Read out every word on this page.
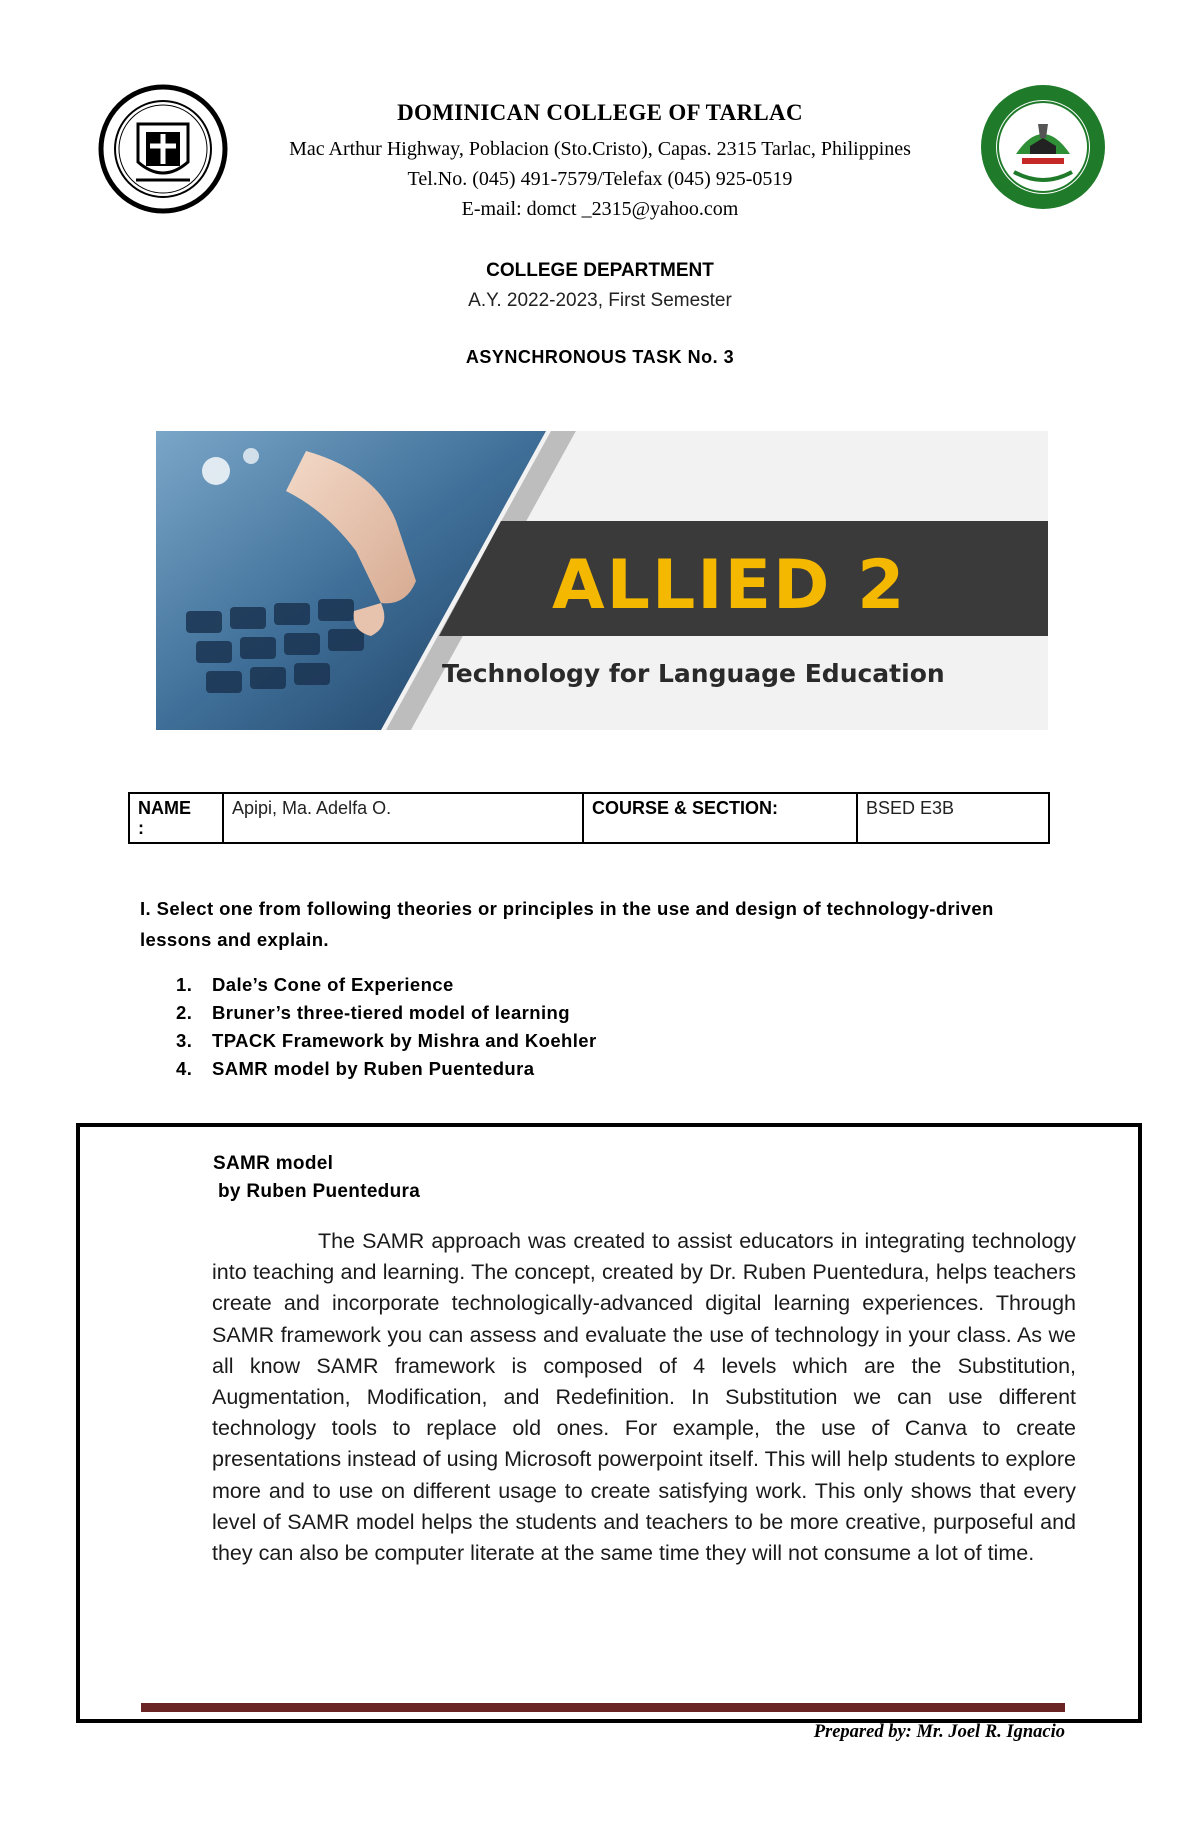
DOMINICAN COLLEGE OF TARLAC
Mac Arthur Highway, Poblacion (Sto.Cristo), Capas. 2315 Tarlac, Philippines
Tel.No. (045) 491-7579/Telefax (045) 925-0519
E-mail: domct _2315@yahoo.com
COLLEGE DEPARTMENT
A.Y. 2022-2023, First Semester
ASYNCHRONOUS TASK No. 3
ALLIED 2
Technology for Language Education
NAME
:
Apipi, Ma. Adelfa O.	COURSE & SECTION:	BSED E3B
I. Select one from following theories or principles in the use and design of technology-driven lessons and explain.
1. Dale’s Cone of Experience
2. Bruner’s three-tiered model of learning
3. TPACK Framework by Mishra and Koehler
4. SAMR model by Ruben Puentedura
SAMR model
by Ruben Puentedura
The SAMR approach was created to assist educators in integrating technology into teaching and learning. The concept, created by Dr. Ruben Puentedura, helps teachers create and incorporate technologically-advanced digital learning experiences. Through SAMR framework you can assess and evaluate the use of technology in your class. As we all know SAMR framework is composed of 4 levels which are the Substitution, Augmentation, Modification, and Redefinition. In Substitution we can use different technology tools to replace old ones. For example, the use of Canva to create presentations instead of using Microsoft powerpoint itself. This will help students to explore more and to use on different usage to create satisfying work. This only shows that every level of SAMR model helps the students and teachers to be more creative, purposeful and they can also be computer literate at the same time they will not consume a lot of time.
Prepared by: Mr. Joel R. Ignacio
